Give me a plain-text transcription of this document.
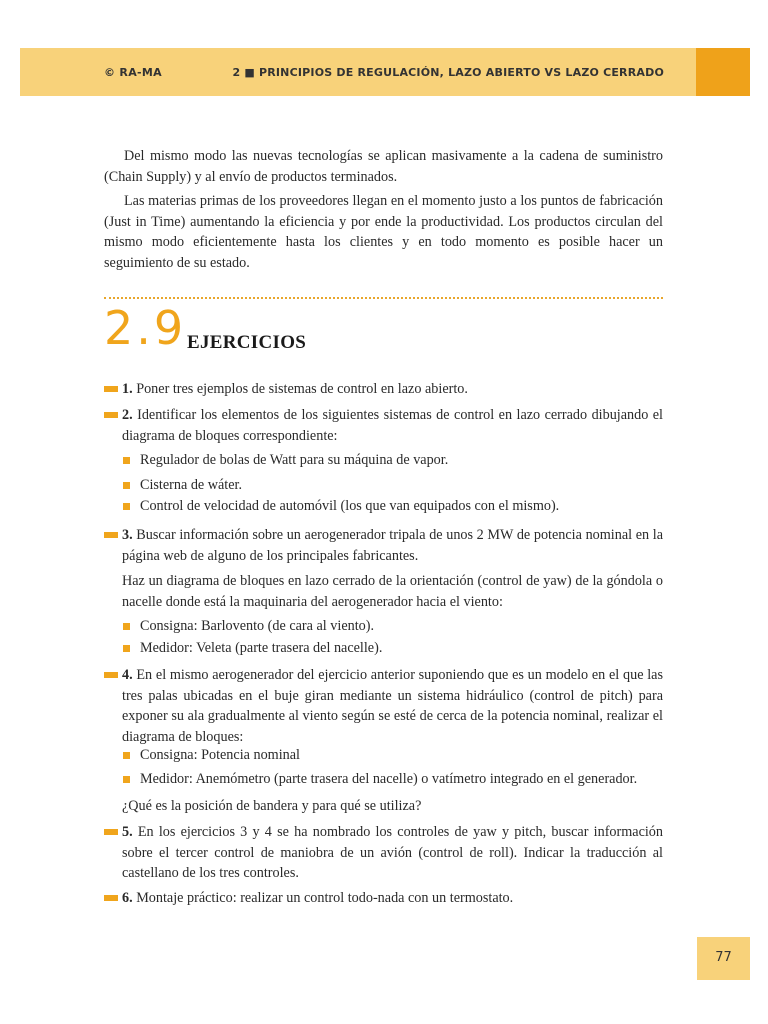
© RA-MA	2 ■ PRINCIPIOS DE REGULACIÓN, LAZO ABIERTO VS LAZO CERRADO

Del mismo modo las nuevas tecnologías se aplican masivamente a la cadena de suministro (Chain Supply) y al envío de productos terminados.

Las materias primas de los proveedores llegan en el momento justo a los puntos de fabricación (Just in Time) aumentando la eficiencia y por ende la productividad. Los productos circulan del mismo modo eficientemente hasta los clientes y en todo momento es posible hacer un seguimiento de su estado.

2.9 EJERCICIOS
1. Poner tres ejemplos de sistemas de control en lazo abierto.
2. Identificar los elementos de los siguientes sistemas de control en lazo cerrado dibujando el diagrama de bloques correspondiente:
Regulador de bolas de Watt para su máquina de vapor.
Cisterna de wáter.
Control de velocidad de automóvil (los que van equipados con el mismo).
3. Buscar información sobre un aerogenerador tripala de unos 2 MW de potencia nominal en la página web de alguno de los principales fabricantes.
Haz un diagrama de bloques en lazo cerrado de la orientación (control de yaw) de la góndola o nacelle donde está la maquinaria del aerogenerador hacia el viento:
Consigna: Barlovento (de cara al viento).
Medidor: Veleta (parte trasera del nacelle).
4. En el mismo aerogenerador del ejercicio anterior suponiendo que es un modelo en el que las tres palas ubicadas en el buje giran mediante un sistema hidráulico (control de pitch) para exponer su ala gradualmente al viento según se esté de cerca de la potencia nominal, realizar el diagrama de bloques:
Consigna: Potencia nominal
Medidor: Anemómetro (parte trasera del nacelle) o vatímetro integrado en el generador.
¿Qué es la posición de bandera y para qué se utiliza?
5. En los ejercicios 3 y 4 se ha nombrado los controles de yaw y pitch, buscar información sobre el tercer control de maniobra de un avión (control de roll). Indicar la traducción al castellano de los tres controles.
6. Montaje práctico: realizar un control todo-nada con un termostato.
77
